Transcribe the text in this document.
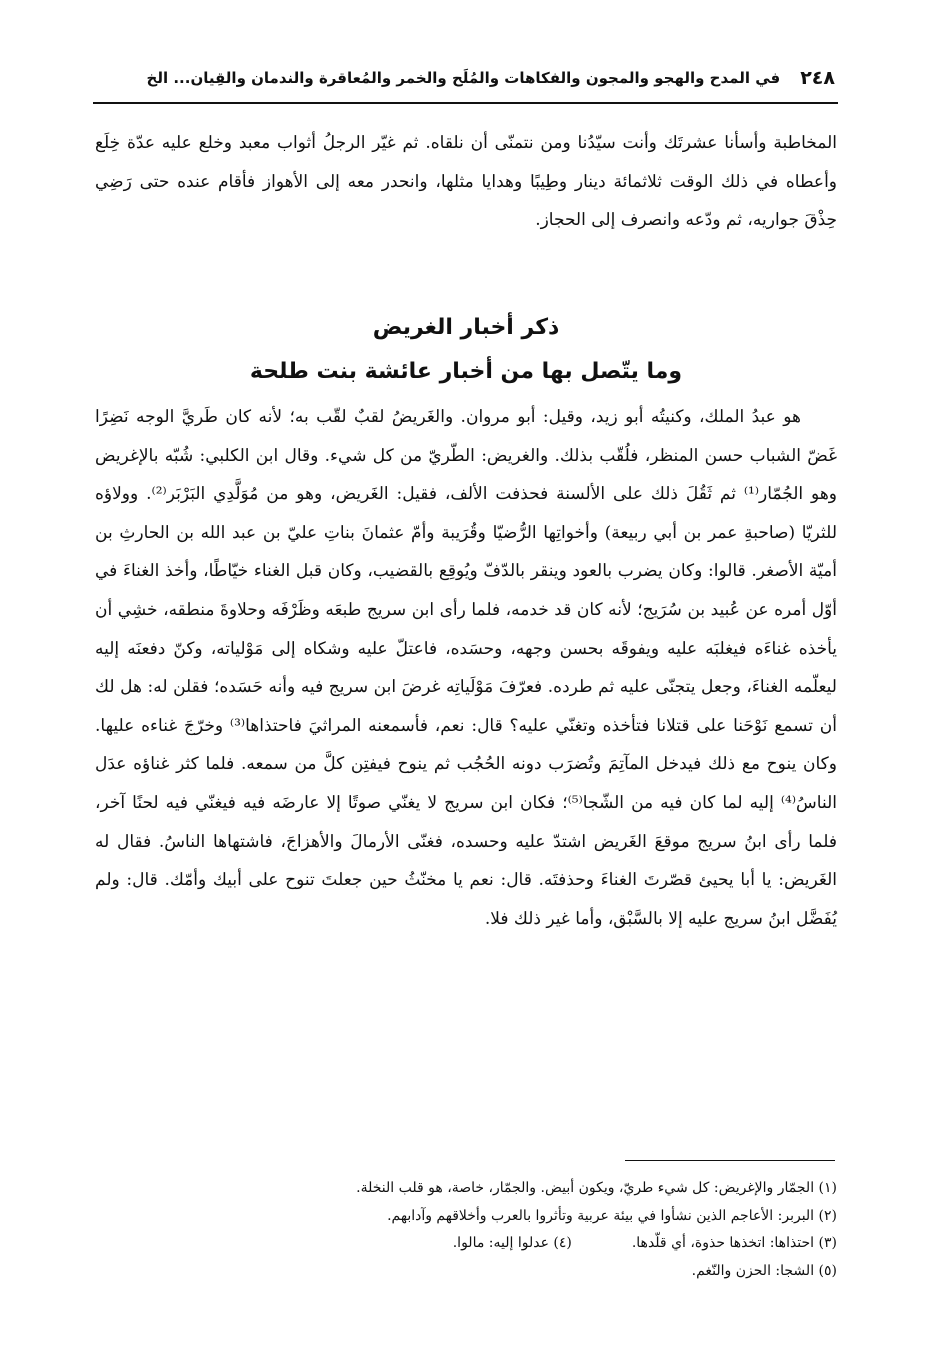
٢٤٨
في المدح والهجو والمجون والفكاهات والمُلَح والخمر والمُعاقرة والندمان والقِيان... الخ

المخاطبة وأسأنا عشرتَك وأنت سيّدُنا ومن نتمنّى أن نلقاه. ثم غيّر الرجلُ أثواب معبد وخلع عليه عدّة خِلَع وأعطاه في ذلك الوقت ثلاثمائة دينار وطِيبًا وهدايا مثلها، وانحدر معه إلى الأهواز فأقام عنده حتى رَضِي حِذْقَ جواريه، ثم ودّعه وانصرف إلى الحجاز.

ذكر أخبار الغريض
وما يتّصل بها من أخبار عائشة بنت طلحة

هو عبدُ الملك، وكنيتُه أبو زيد، وقيل: أبو مروان. والغَريضُ لقبٌ لقّب به؛ لأنه كان طَريَّ الوجه نَضِرًا غَضّ الشباب حسن المنظر، فلُقّب بذلك. والغريض: الطّريّ من كل شيء. وقال ابن الكلبي: شُبّه بالإغريض وهو الجُمّار⁽¹⁾ ثم ثَقُلَ ذلك على الألسنة فحذفت الألف، فقيل: الغَريض، وهو من مُوَلَّدِي البَرْبَر⁽²⁾. وولاؤه للثريّا (صاحبةِ عمر بن أبي ربيعة) وأخواتِها الرُّضيّا وقُرَيبة وأمّ عثمانَ بناتِ عليّ بن عبد الله بن الحارثِ بن أميّة الأصغر. قالوا: وكان يضرب بالعود وينقر بالدّفّ ويُوقِع بالقضيب، وكان قبل الغناء خيّاطًا، وأخذ الغناءَ في أوّل أمره عن عُبيد بن سُرَيج؛ لأنه كان قد خدمه، فلما رأى ابن سريج طبعَه وظَرْفَه وحلاوةَ منطقه، خشِي أن يأخذه غناءَه فيغلبَه عليه ويفوقَه بحسن وجهه، وحسَده، فاعتلّ عليه وشكاه إلى مَوْلياته، وكنّ دفعنَه إليه ليعلّمه الغناءَ، وجعل يتجنّى عليه ثم طرده. فعرّفَ مَوْلَياتِه غرضَ ابن سريج فيه وأنه حَسَده؛ فقلن له: هل لك أن تسمع نَوْحَنا على قتلانا فتأخذه وتغنّي عليه؟ قال: نعم، فأسمعنه المراثيَ فاحتذاها⁽³⁾ وخرّجَ غناءه عليها. وكان ينوح مع ذلك فيدخل المآتِمَ وتُضرَب دونه الحُجُب ثم ينوح فيفتِن كلَّ من سمعه. فلما كثر غناؤه عدَل الناسُ⁽⁴⁾ إليه لما كان فيه من الشّجا⁽⁵⁾؛ فكان ابن سريج لا يغنّي صوتًا إلا عارضَه فيه فيغنّي فيه لحنًا آخر، فلما رأى ابنُ سريج موقعَ الغَريض اشتدّ عليه وحسده، فغنّى الأرمالَ والأهزاجَ، فاشتهاها الناسُ. فقال له الغَريض: يا أبا يحيئ قصّرتَ الغناءَ وحذفتَه. قال: نعم يا مخنّثُ حين جعلتَ تنوح على أبيك وأمّك. قال: ولم يُفَضَّل ابنُ سريج عليه إلا بالسَّبْق، وأما غير ذلك فلا.

(١) الجمّار والإغريض: كل شيء طريّ، ويكون أبيض. والجمّار، خاصة، هو قلب النخلة.
(٢) البربر: الأعاجم الذين نشأوا في بيئة عربية وتأثروا بالعرب وأخلاقهم وآدابهم.
(٣) احتذاها: اتخذها حذوة، أي قلّدها.(٤) عدلوا إليه: مالوا.
(٥) الشجا: الحزن والنّغم.
